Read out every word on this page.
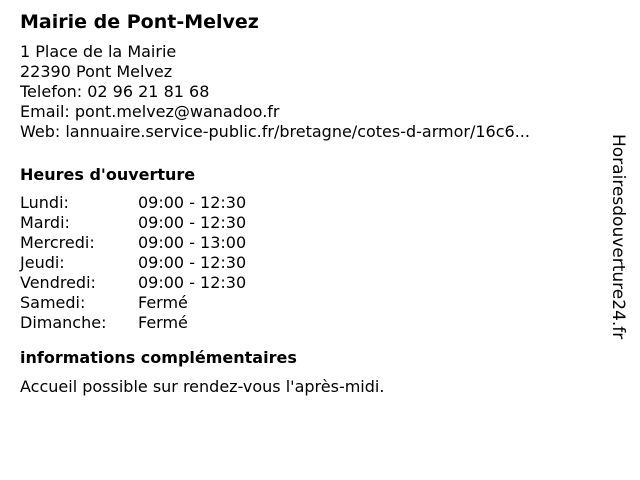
Mairie de Pont-Melvez
1 Place de la Mairie
22390 Pont Melvez
Telefon: 02 96 21 81 68
Email: pont.melvez@wanadoo.fr
Web: lannuaire.service-public.fr/bretagne/cotes-d-armor/16c6...
Heures d'ouverture
Lundi:	09:00 - 12:30
Mardi:	09:00 - 12:30
Mercredi:	09:00 - 13:00
Jeudi:	09:00 - 12:30
Vendredi:	09:00 - 12:30
Samedi:	Fermé
Dimanche:	Fermé
informations complémentaires
Accueil possible sur rendez-vous l'après-midi.
Horairesdouverture24.fr
